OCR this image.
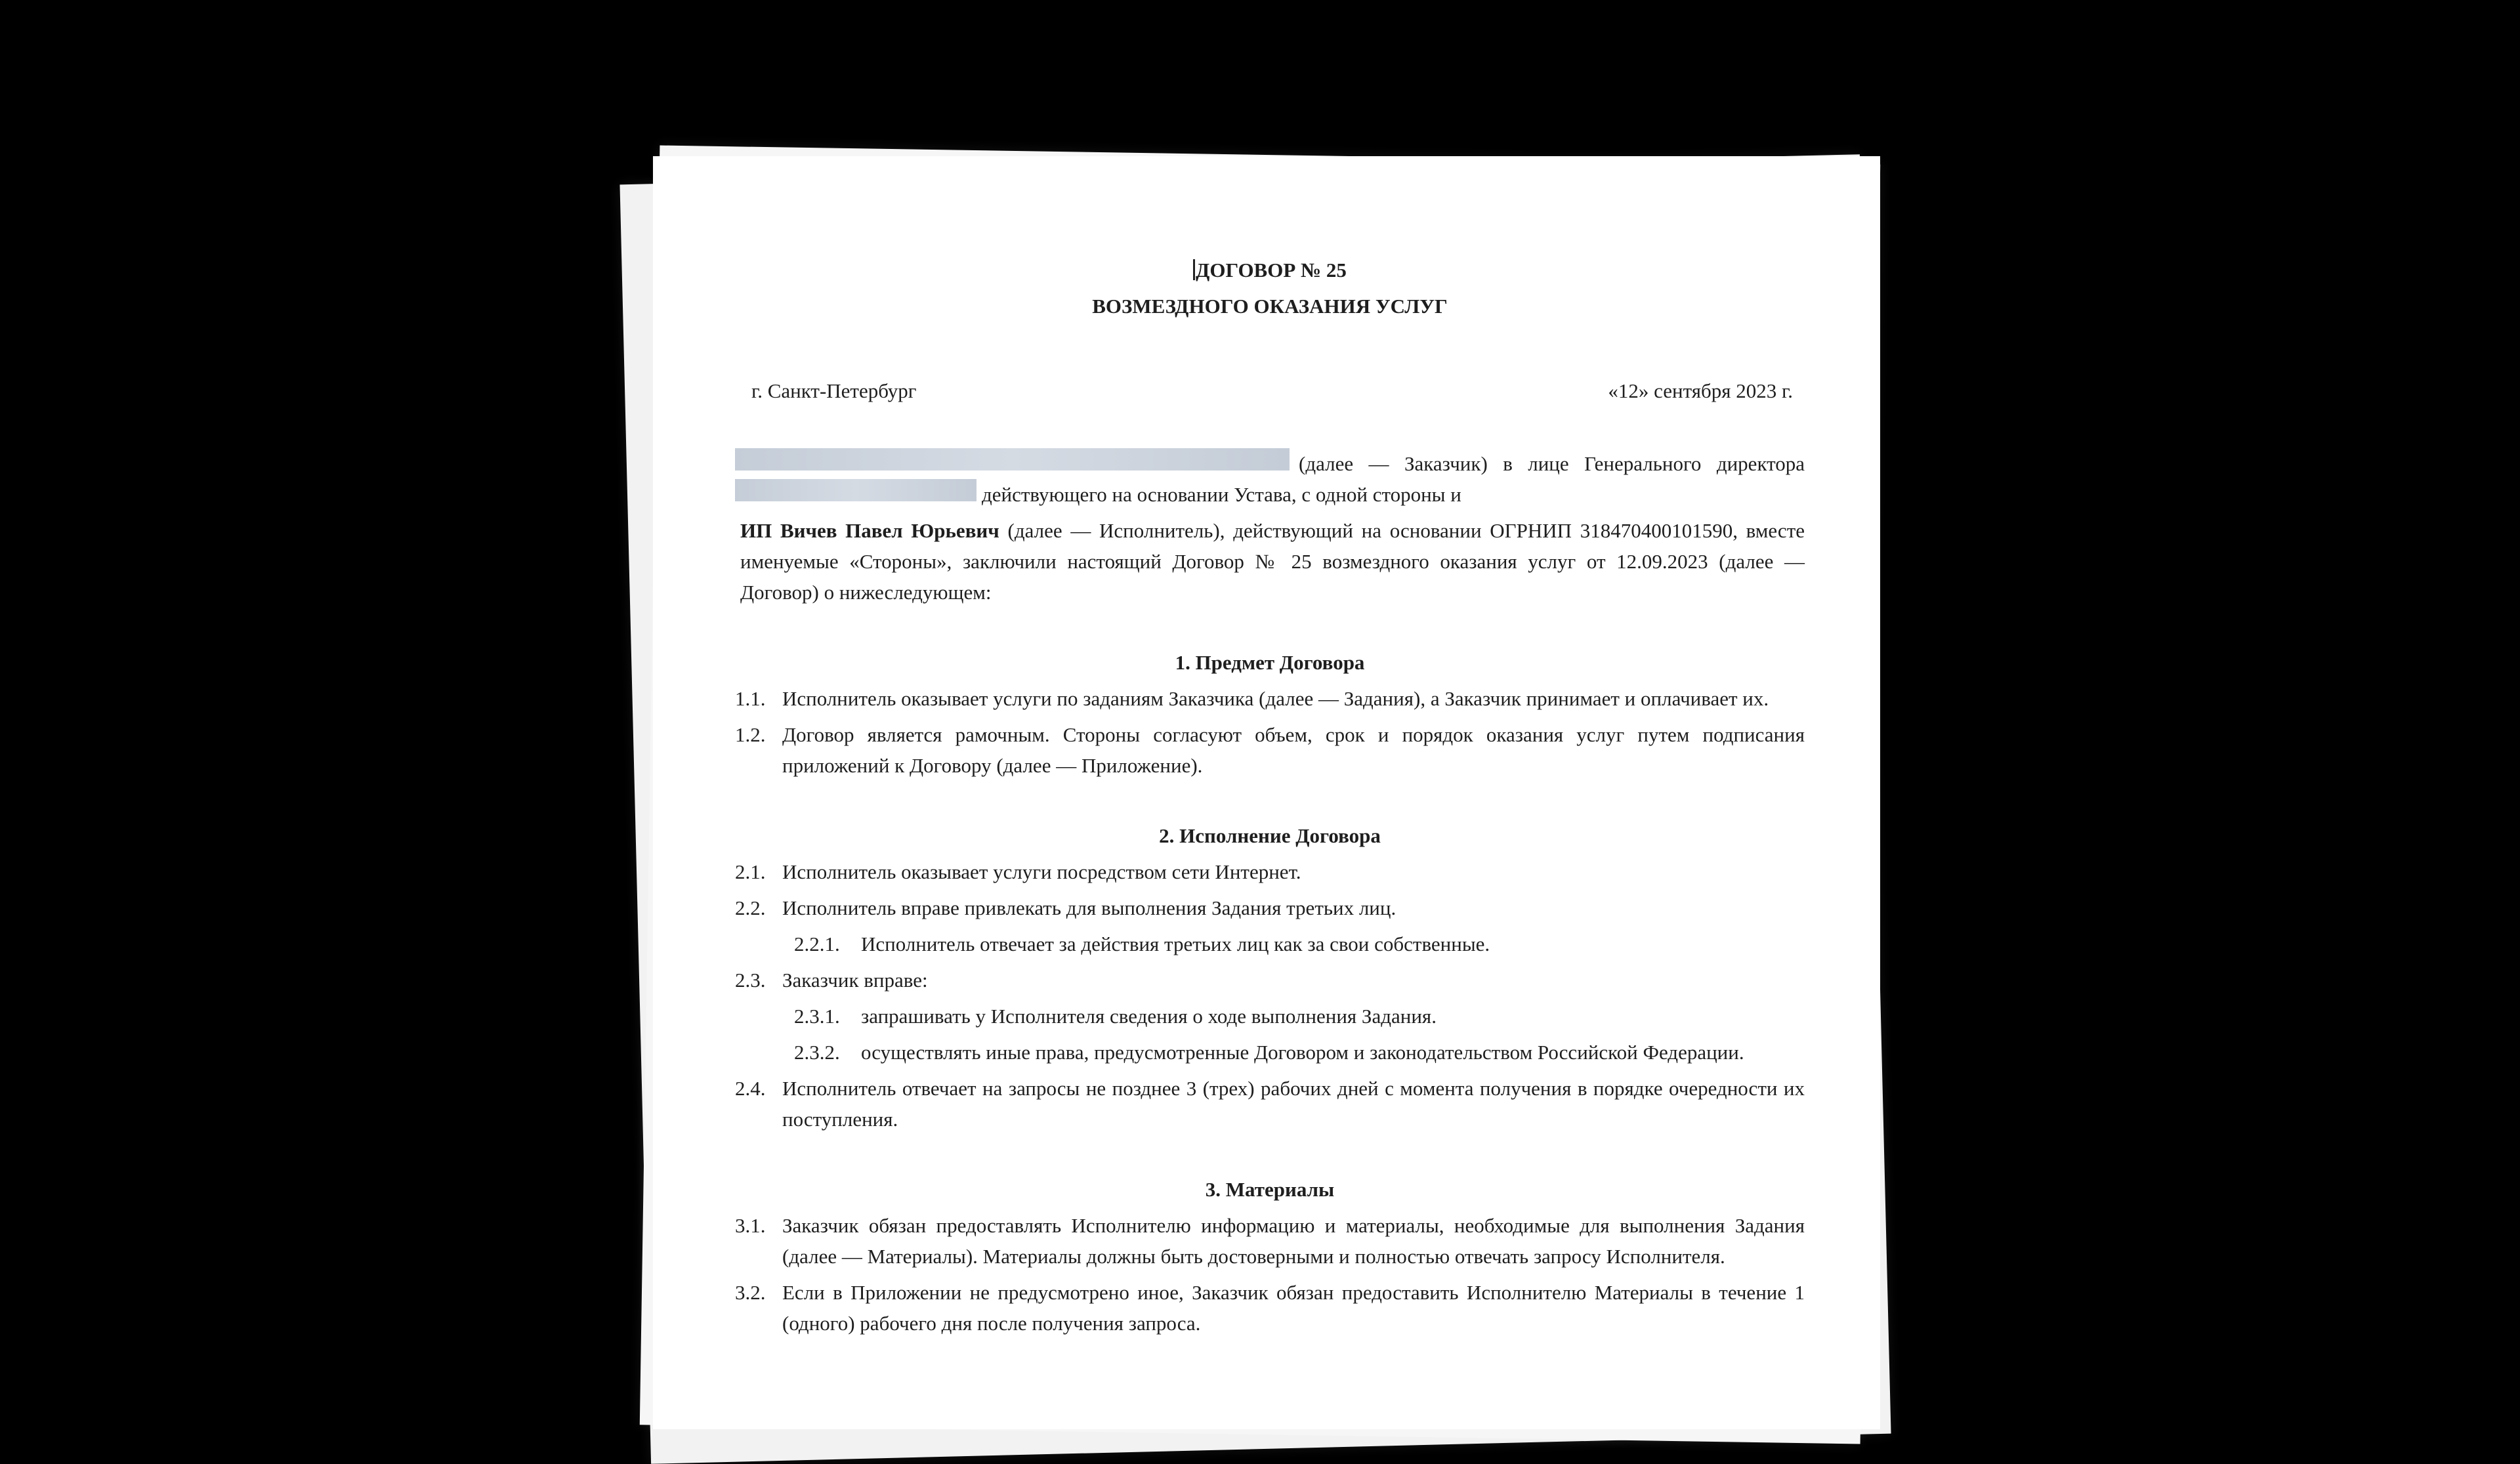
ДОГОВОР № 25

ВОЗМЕЗДНОГО ОКАЗАНИЯ УСЛУГ

г. Санкт-Петербург	«12» сентября 2023 г.
(далее — Заказчик) в лице Генерального директора
действующего на основании Устава, с одной стороны и
ИП Вичев Павел Юрьевич (далее — Исполнитель), действующий на основании ОГРНИП 318470400101590, вместе именуемые «Стороны», заключили настоящий Договор № 25 возмездного оказания услуг от 12.09.2023 (далее — Договор) о нижеследующем:
1. Предмет Договора
1.1. Исполнитель оказывает услуги по заданиям Заказчика (далее — Задания), а Заказчик принимает и оплачивает их.
1.2. Договор является рамочным. Стороны согласуют объем, срок и порядок оказания услуг путем подписания приложений к Договору (далее — Приложение).
2. Исполнение Договора
2.1. Исполнитель оказывает услуги посредством сети Интернет.
2.2. Исполнитель вправе привлекать для выполнения Задания третьих лиц.
2.2.1.	Исполнитель отвечает за действия третьих лиц как за свои собственные.
2.3. Заказчик вправе:
2.3.1.	запрашивать у Исполнителя сведения о ходе выполнения Задания.
2.3.2.	осуществлять иные права, предусмотренные Договором и законодательством Российской Федерации.
2.4. Исполнитель отвечает на запросы не позднее 3 (трех) рабочих дней с момента получения в порядке очередности их поступления.
3. Материалы
3.1. Заказчик обязан предоставлять Исполнителю информацию и материалы, необходимые для выполнения Задания (далее — Материалы). Материалы должны быть достоверными и полностью отвечать запросу Исполнителя.
3.2. Если в Приложении не предусмотрено иное, Заказчик обязан предоставить Исполнителю Материалы в течение 1 (одного) рабочего дня после получения запроса.
